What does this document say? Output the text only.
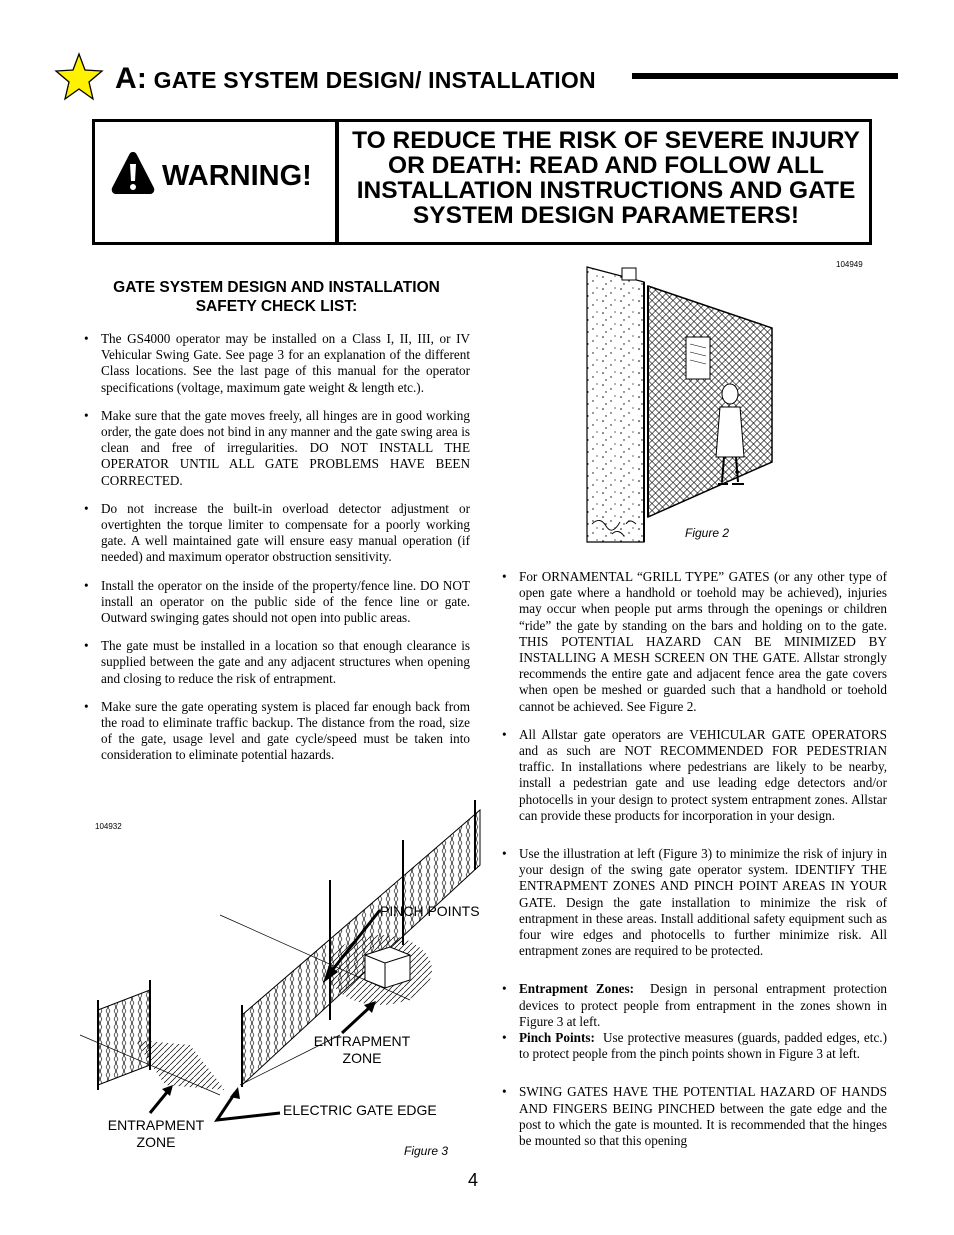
A: GATE SYSTEM DESIGN/ INSTALLATION
WARNING!
TO REDUCE THE RISK OF SEVERE INJURY OR DEATH: READ AND FOLLOW ALL INSTALLATION INSTRUCTIONS AND GATE SYSTEM DESIGN PARAMETERS!
GATE SYSTEM DESIGN AND INSTALLATION SAFETY CHECK LIST:
• The GS4000 operator may be installed on a Class I, II, III, or IV Vehicular Swing Gate. See page 3 for an explanation of the different Class locations. See the last page of this manual for the operator specifications (voltage, maximum gate weight & length etc.).
• Make sure that the gate moves freely, all hinges are in good working order, the gate does not bind in any manner and the gate swing area is clean and free of irregularities. DO NOT INSTALL THE OPERATOR UNTIL ALL GATE PROBLEMS HAVE BEEN CORRECTED.
• Do not increase the built-in overload detector adjustment or overtighten the torque limiter to compensate for a poorly working gate. A well maintained gate will ensure easy manual operation (if needed) and maximum operator obstruction sensitivity.
• Install the operator on the inside of the property/fence line. DO NOT install an operator on the public side of the fence line or gate. Outward swinging gates should not open into public areas.
• The gate must be installed in a location so that enough clearance is supplied between the gate and any adjacent structures when opening and closing to reduce the risk of entrapment.
• Make sure the gate operating system is placed far enough back from the road to eliminate traffic backup. The distance from the road, size of the gate, usage level and gate cycle/speed must be taken into consideration to eliminate potential hazards.
104949
Figure 2
• For ORNAMENTAL “GRILL TYPE” GATES (or any other type of open gate where a handhold or toehold may be achieved), injuries may occur when people put arms through the openings or children “ride” the gate by standing on the bars and holding on to the gate. THIS POTENTIAL HAZARD CAN BE MINIMIZED BY INSTALLING A MESH SCREEN ON THE GATE. Allstar strongly recommends the entire gate and adjacent fence area the gate covers when open be meshed or guarded such that a handhold or toehold cannot be achieved. See Figure 2.
• All Allstar gate operators are VEHICULAR GATE OPERATORS and as such are NOT RECOMMENDED FOR PEDESTRIAN traffic. In installations where pedestrians are likely to be nearby, install a pedestrian gate and use leading edge detectors and/or photocells in your design to protect system entrapment zones. Allstar can provide these products for incorporation in your design.
• Use the illustration at left (Figure 3) to minimize the risk of injury in your design of the swing gate operator system. IDENTIFY THE ENTRAPMENT ZONES AND PINCH POINT AREAS IN YOUR GATE. Design the gate installation to minimize the risk of entrapment in these areas. Install additional safety equipment such as four wire edges and photocells to further minimize risk. All entrapment zones are required to be protected.
• Entrapment Zones: Design in personal entrapment protection devices to protect people from entrapment in the zones shown in Figure 3 at left.
• Pinch Points: Use protective measures (guards, padded edges, etc.) to protect people from the pinch points shown in Figure 3 at left.
• SWING GATES HAVE THE POTENTIAL HAZARD OF HANDS AND FINGERS BEING PINCHED between the gate edge and the post to which the gate is mounted. It is recommended that the hinges be mounted so that this opening
104932
PINCH POINTS
ENTRAPMENT ZONE
ENTRAPMENT ZONE
ELECTRIC GATE EDGE
Figure 3
4
